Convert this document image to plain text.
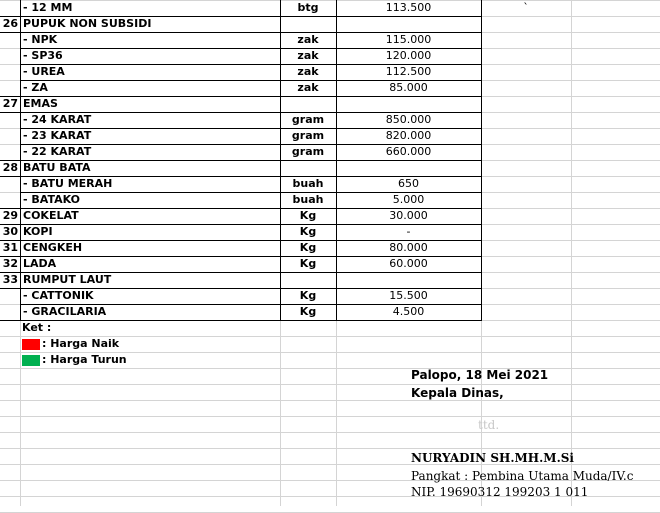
- 12 MM	btg	113.500	`
26 PUPUK NON SUBSIDI
- NPK	zak	115.000
- SP36	zak	120.000
- UREA	zak	112.500
- ZA	zak	85.000
27 EMAS
- 24 KARAT	gram	850.000
- 23 KARAT	gram	820.000
- 22 KARAT	gram	660.000
28 BATU BATA
- BATU MERAH	buah	650
- BATAKO	buah	5.000
29 COKELAT	Kg	30.000
30 KOPI	Kg	-
31 CENGKEH	Kg	80.000
32 LADA	Kg	60.000
33 RUMPUT LAUT
- CATTONIK	Kg	15.500
- GRACILARIA	Kg	4.500
Ket :
: Harga Naik
: Harga Turun
Palopo, 18 Mei 2021
Kepala Dinas,
ttd.
NURYADIN SH.MH.M.Si
Pangkat : Pembina Utama Muda/IV.c
NIP. 19690312 199203 1 011
